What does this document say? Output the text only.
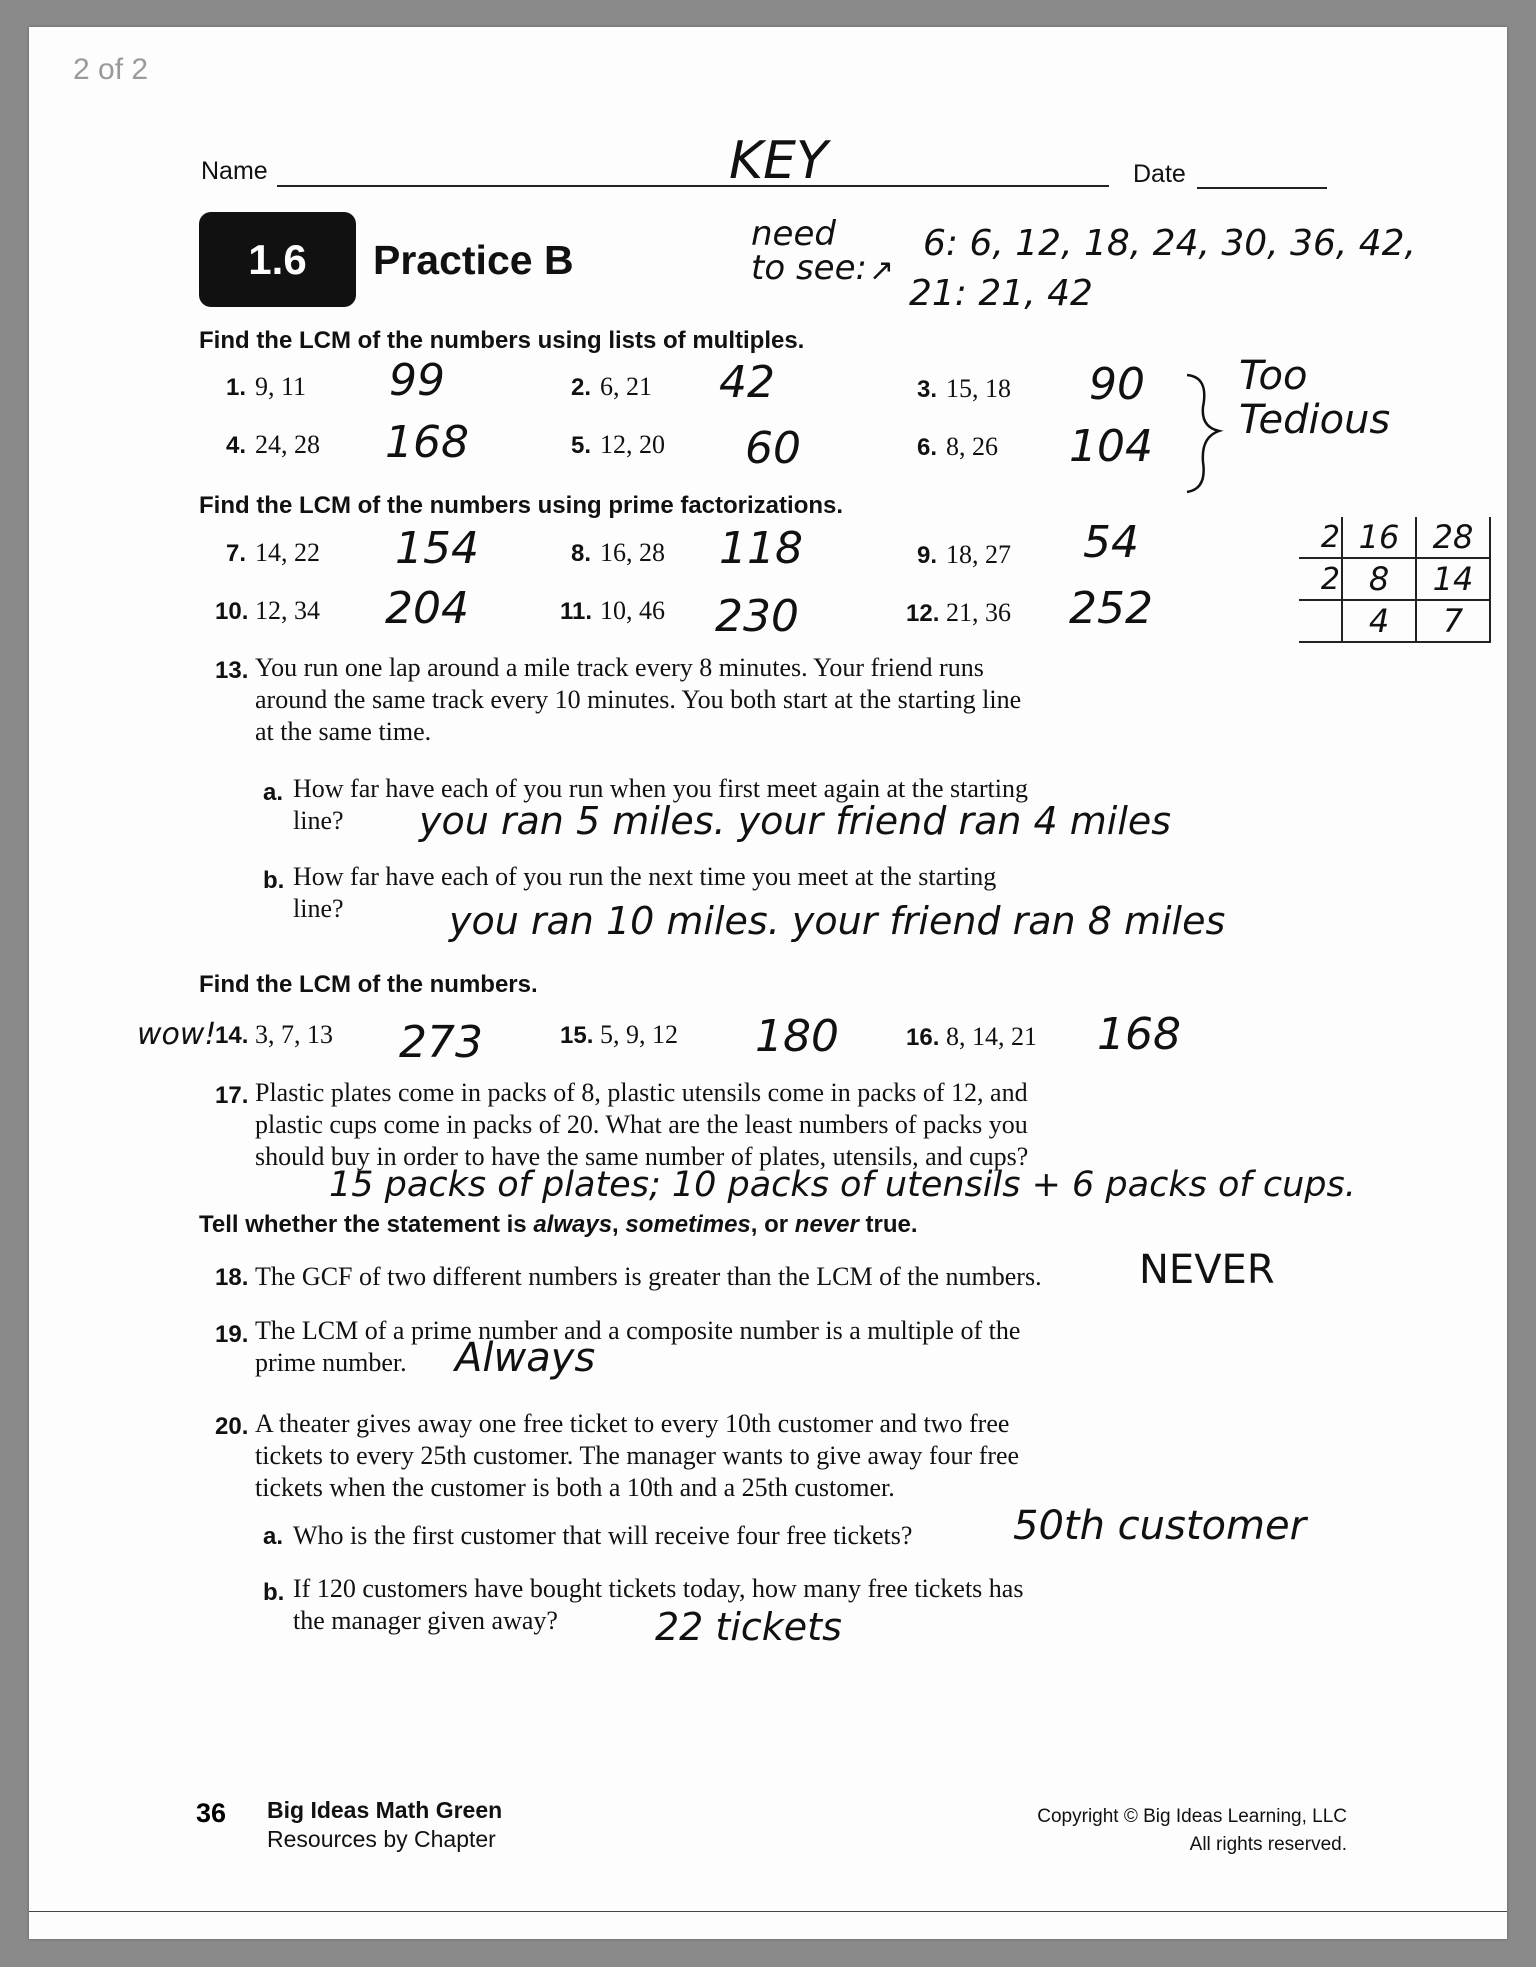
2 of 2
Name	KEY	Date
1.6	Practice B
need
to see: ↗
6: 6, 12, 18, 24, 30, 36, 42,
21: 21, 42
Find the LCM of the numbers using lists of multiples.
1. 9, 11 99	2. 6, 21 42	3. 15, 18 90
4. 24, 28 168	5. 12, 20 60	6. 8, 26 104
Too
Tedious
Find the LCM of the numbers using prime factorizations.
2	16	28
2	8	14
	4	7
7. 14, 22 154	8. 16, 28 118	9. 18, 27 54
10. 12, 34 204	11. 10, 46 230	12. 21, 36 252
13. You run one lap around a mile track every 8 minutes. Your friend runs
around the same track every 10 minutes. You both start at the starting line
at the same time.
a. How far have each of you run when you first meet again at the starting
line?	you ran 5 miles. your friend ran 4 miles
b. How far have each of you run the next time you meet at the starting
line?	you ran 10 miles. your friend ran 8 miles
Find the LCM of the numbers.
wow!
14. 3, 7, 13 273	15. 5, 9, 12 180	16. 8, 14, 21 168
17. Plastic plates come in packs of 8, plastic utensils come in packs of 12, and
plastic cups come in packs of 20. What are the least numbers of packs you
should buy in order to have the same number of plates, utensils, and cups?
15 packs of plates; 10 packs of utensils + 6 packs of cups.
Tell whether the statement is always, sometimes, or never true.
18. The GCF of two different numbers is greater than the LCM of the numbers. NEVER
19. The LCM of a prime number and a composite number is a multiple of the
prime number.	Always
20. A theater gives away one free ticket to every 10th customer and two free
tickets to every 25th customer. The manager wants to give away four free
tickets when the customer is both a 10th and a 25th customer.
a. Who is the first customer that will receive four free tickets?	50th customer
b. If 120 customers have bought tickets today, how many free tickets has
the manager given away?	22 tickets
36 Big Ideas Math Green
Resources by Chapter
Copyright © Big Ideas Learning, LLC
All rights reserved.
